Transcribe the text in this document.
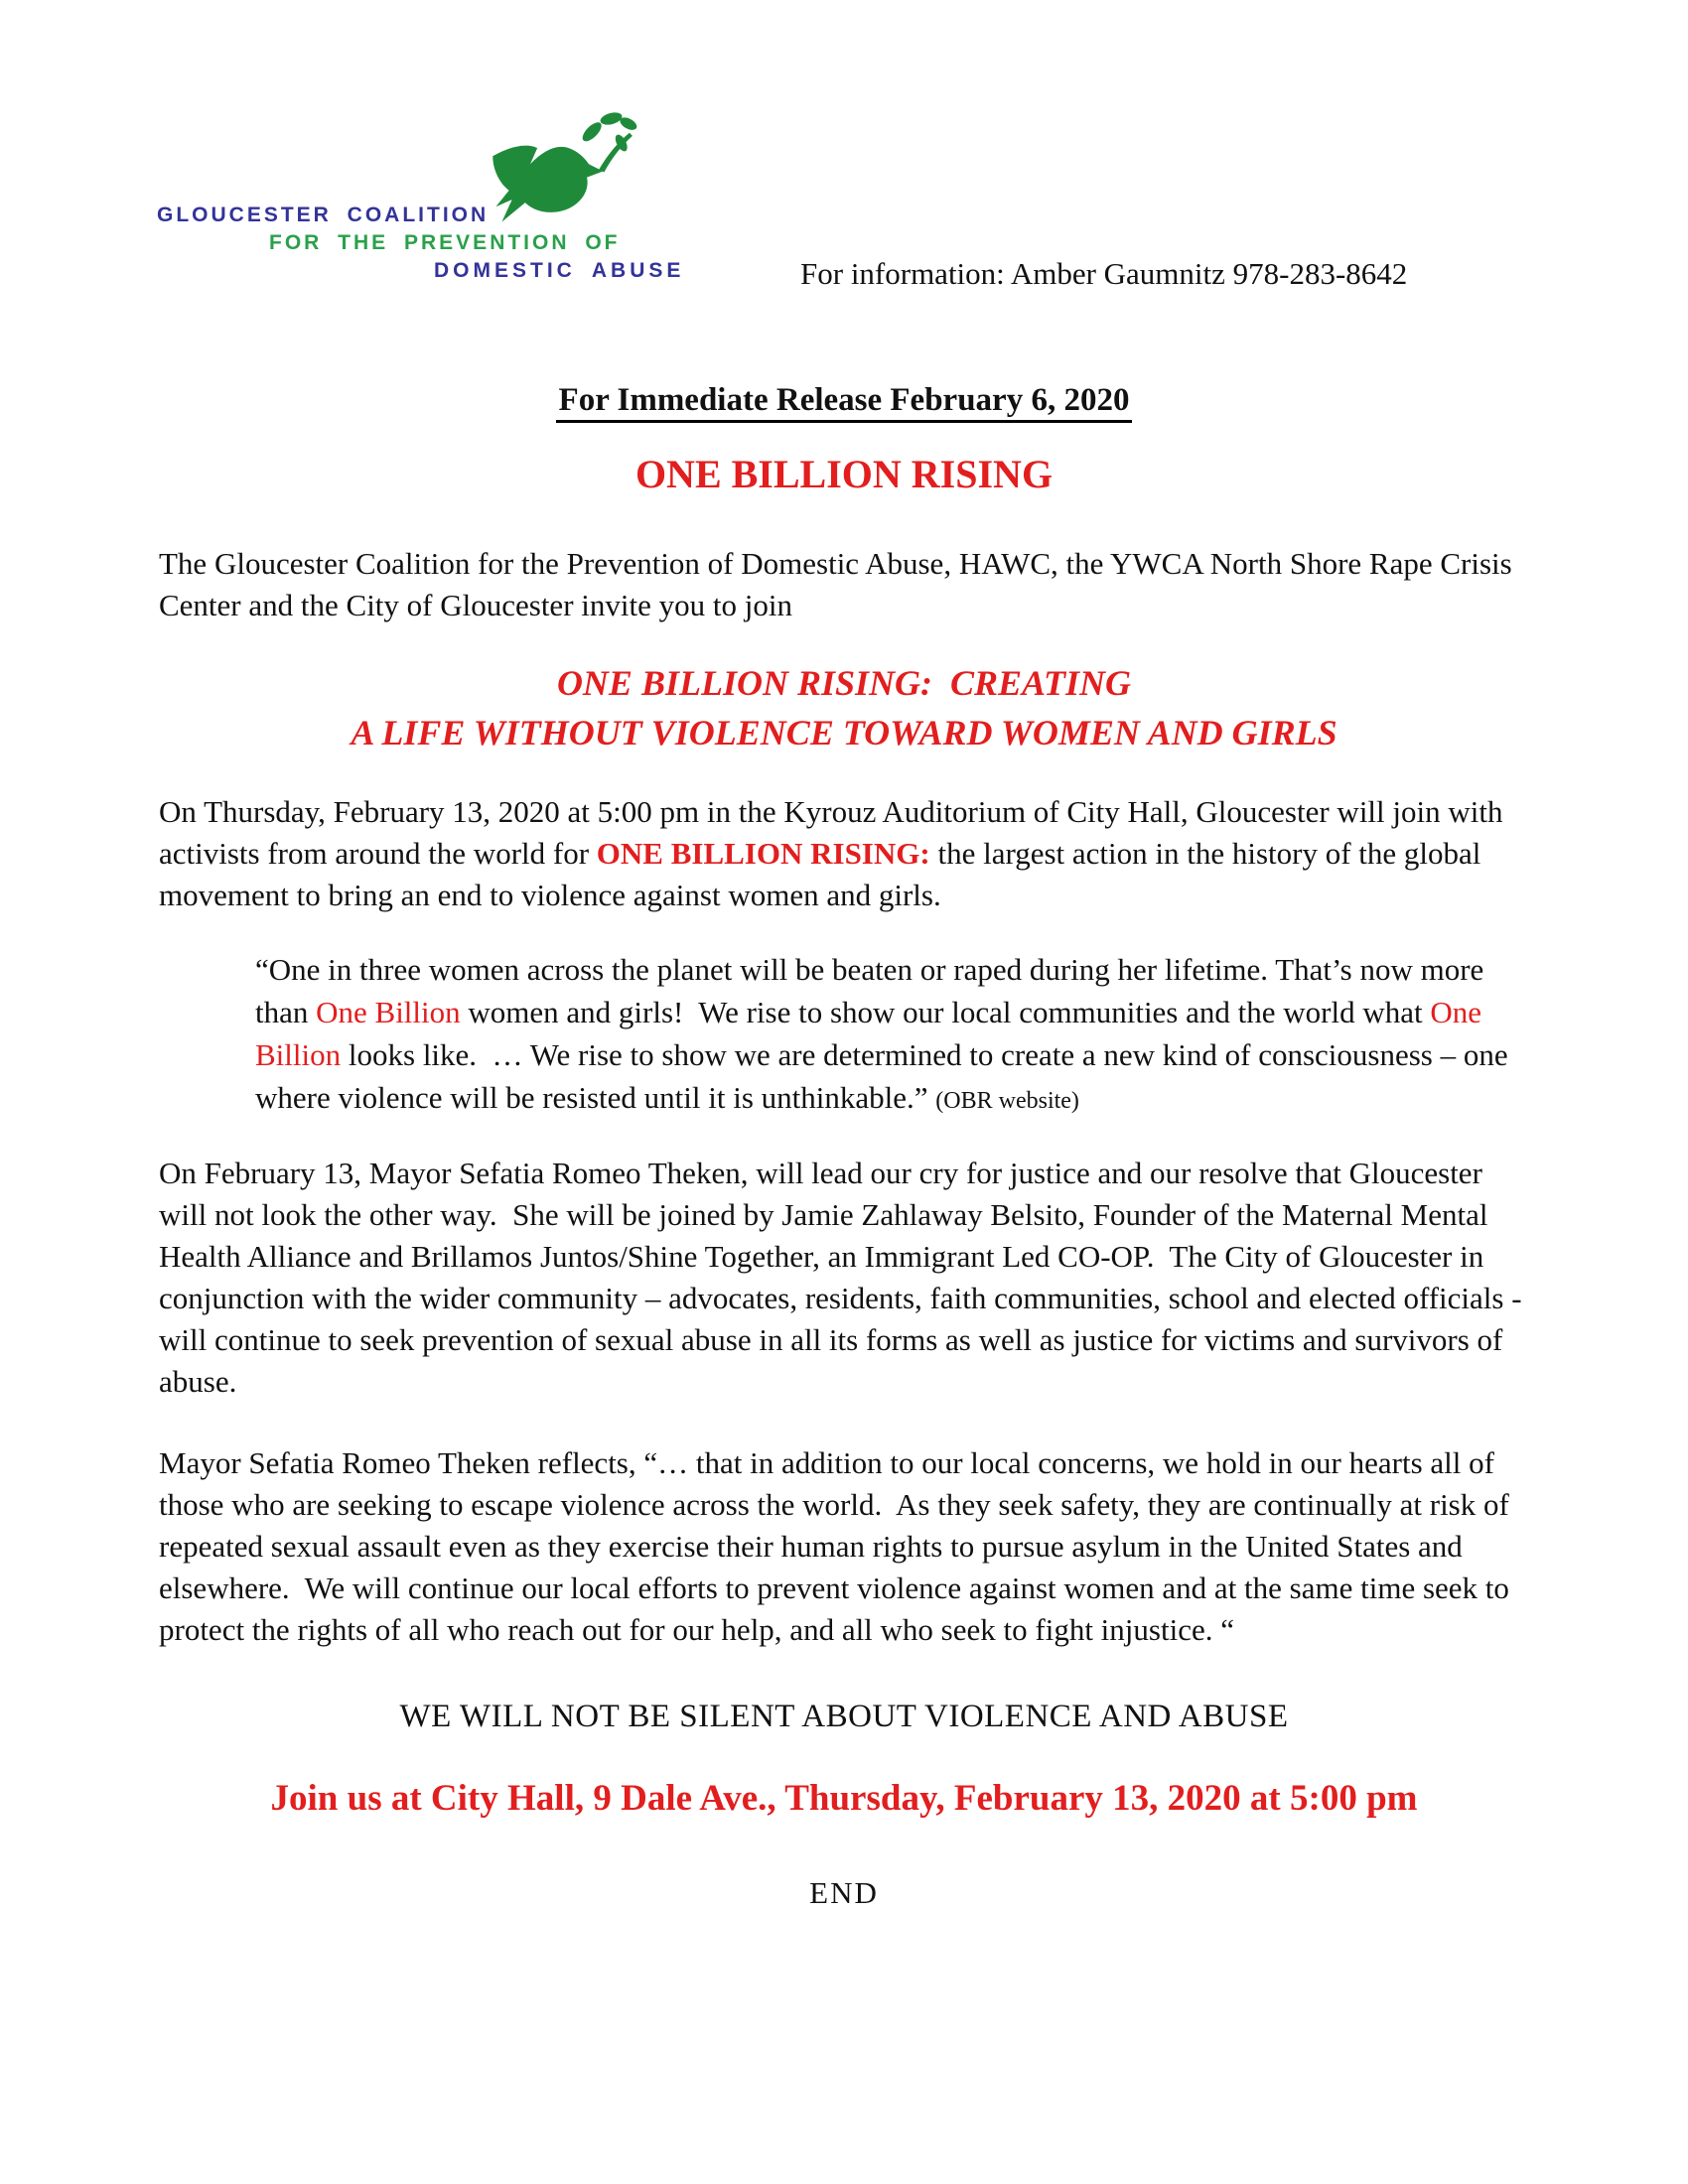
GLOUCESTER COALITION
FOR THE PREVENTION OF
DOMESTIC ABUSE	For information: Amber Gaumnitz 978-283-8642
For Immediate Release February 6, 2020
ONE BILLION RISING

The Gloucester Coalition for the Prevention of Domestic Abuse, HAWC, the YWCA North Shore Rape Crisis Center and the City of Gloucester invite you to join

ONE BILLION RISING:  CREATING
A LIFE WITHOUT VIOLENCE TOWARD WOMEN AND GIRLS

On Thursday, February 13, 2020 at 5:00 pm in the Kyrouz Auditorium of City Hall, Gloucester will join with activists from around the world for ONE BILLION RISING: the largest action in the history of the global movement to bring an end to violence against women and girls.

“One in three women across the planet will be beaten or raped during her lifetime. That’s now more than One Billion women and girls!  We rise to show our local communities and the world what One Billion looks like.  … We rise to show we are determined to create a new kind of consciousness – one where violence will be resisted until it is unthinkable.” (OBR website)

On February 13, Mayor Sefatia Romeo Theken, will lead our cry for justice and our resolve that Gloucester will not look the other way.  She will be joined by Jamie Zahlaway Belsito, Founder of the Maternal Mental Health Alliance and Brillamos Juntos/Shine Together, an Immigrant Led CO-OP.  The City of Gloucester in conjunction with the wider community – advocates, residents, faith communities, school and elected officials - will continue to seek prevention of sexual abuse in all its forms as well as justice for victims and survivors of abuse.

Mayor Sefatia Romeo Theken reflects, “… that in addition to our local concerns, we hold in our hearts all of those who are seeking to escape violence across the world.  As they seek safety, they are continually at risk of repeated sexual assault even as they exercise their human rights to pursue asylum in the United States and elsewhere.  We will continue our local efforts to prevent violence against women and at the same time seek to protect the rights of all who reach out for our help, and all who seek to fight injustice. “

WE WILL NOT BE SILENT ABOUT VIOLENCE AND ABUSE
Join us at City Hall, 9 Dale Ave., Thursday, February 13, 2020 at 5:00 pm
END
